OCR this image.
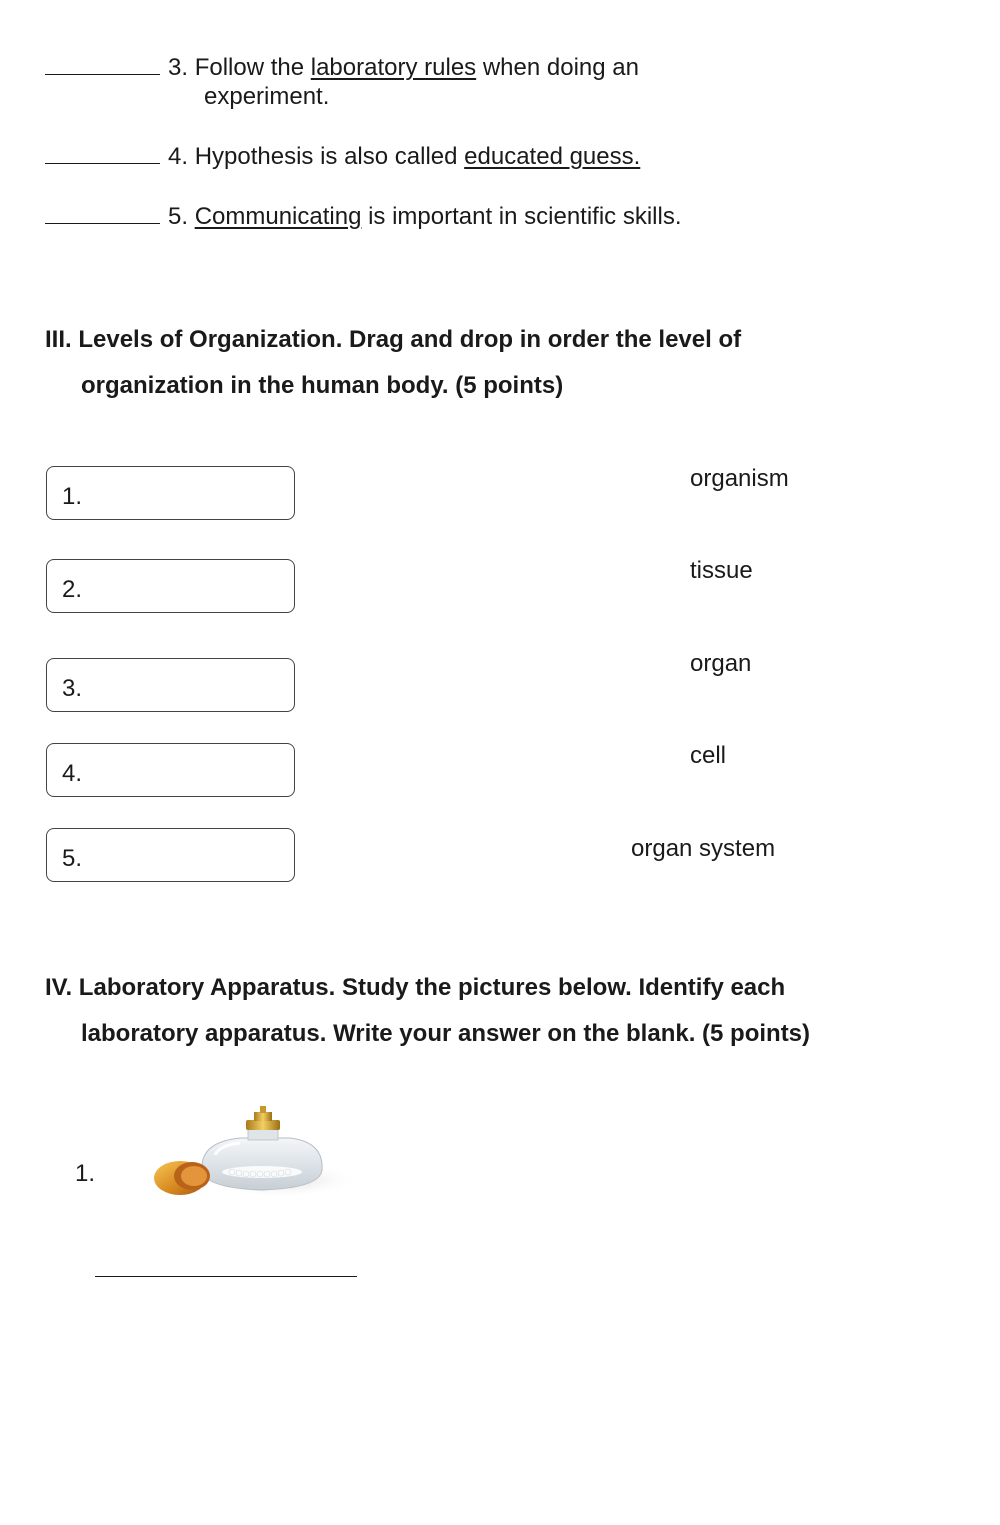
3. Follow the laboratory rules when doing an
experiment.
4. Hypothesis is also called educated guess.
5. Communicating is important in scientific skills.
III. Levels of Organization. Drag and drop in order the level of
organization in the human body. (5 points)
1.
2.
3.
4.
5.
organism
tissue
organ
cell
organ system
IV. Laboratory Apparatus. Study the pictures below. Identify each
laboratory apparatus. Write your answer on the blank. (5 points)
1.
